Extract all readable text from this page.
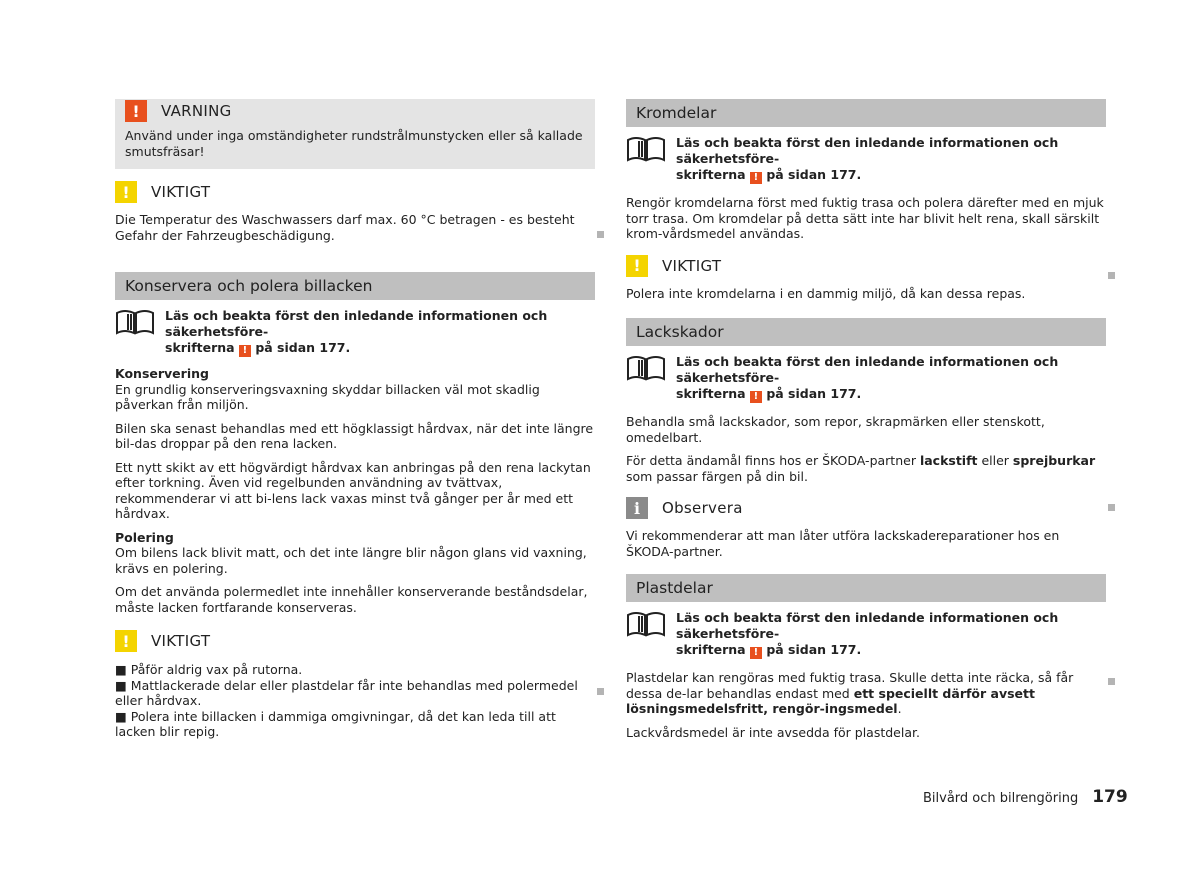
!	VARNING

Använd under inga omständigheter rundstrålmunstycken eller så kallade smutsfräsar!

!	VIKTIGT

Die Temperatur des Waschwassers darf max. 60 °C betragen - es besteht Gefahr der Fahrzeugbeschädigung.

Konservera och polera billacken

Läs och beakta först den inledande informationen och säkerhetsföre-
skrifterna ! på sidan 177.

Konservering

En grundlig konserveringsvaxning skyddar billacken väl mot skadlig påverkan från miljön.

Bilen ska senast behandlas med ett högklassigt hårdvax, när det inte längre bil-das droppar på den rena lacken.

Ett nytt skikt av ett högvärdigt hårdvax kan anbringas på den rena lackytan efter torkning. Även vid regelbunden användning av tvättvax, rekommenderar vi att bi-lens lack vaxas minst två gånger per år med ett hårdvax.

Polering

Om bilens lack blivit matt, och det inte längre blir någon glans vid vaxning, krävs en polering.

Om det använda polermedlet inte innehåller konserverande beståndsdelar, måste lacken fortfarande konserveras.

!	VIKTIGT

■ Påför aldrig vax på rutorna.

■ Mattlackerade delar eller plastdelar får inte behandlas med polermedel eller hårdvax.

■ Polera inte billacken i dammiga omgivningar, då det kan leda till att lacken blir repig.

Kromdelar

Läs och beakta först den inledande informationen och säkerhetsföre-
skrifterna ! på sidan 177.

Rengör kromdelarna först med fuktig trasa och polera därefter med en mjuk torr trasa. Om kromdelar på detta sätt inte har blivit helt rena, skall särskilt krom-vårdsmedel användas.

!	VIKTIGT

Polera inte kromdelarna i en dammig miljö, då kan dessa repas.

Lackskador

Läs och beakta först den inledande informationen och säkerhetsföre-
skrifterna ! på sidan 177.

Behandla små lackskador, som repor, skrapmärken eller stenskott, omedelbart.

För detta ändamål finns hos er ŠKODA-partner lackstift eller sprejburkar som passar färgen på din bil.

i	Observera

Vi rekommenderar att man låter utföra lackskadereparationer hos en ŠKODA-partner.

Plastdelar

Läs och beakta först den inledande informationen och säkerhetsföre-
skrifterna ! på sidan 177.

Plastdelar kan rengöras med fuktig trasa. Skulle detta inte räcka, så får dessa de-lar behandlas endast med ett speciellt därför avsett lösningsmedelsfritt, rengör-ingsmedel.

Lackvårdsmedel är inte avsedda för plastdelar.

Bilvård och bilrengöring 179
